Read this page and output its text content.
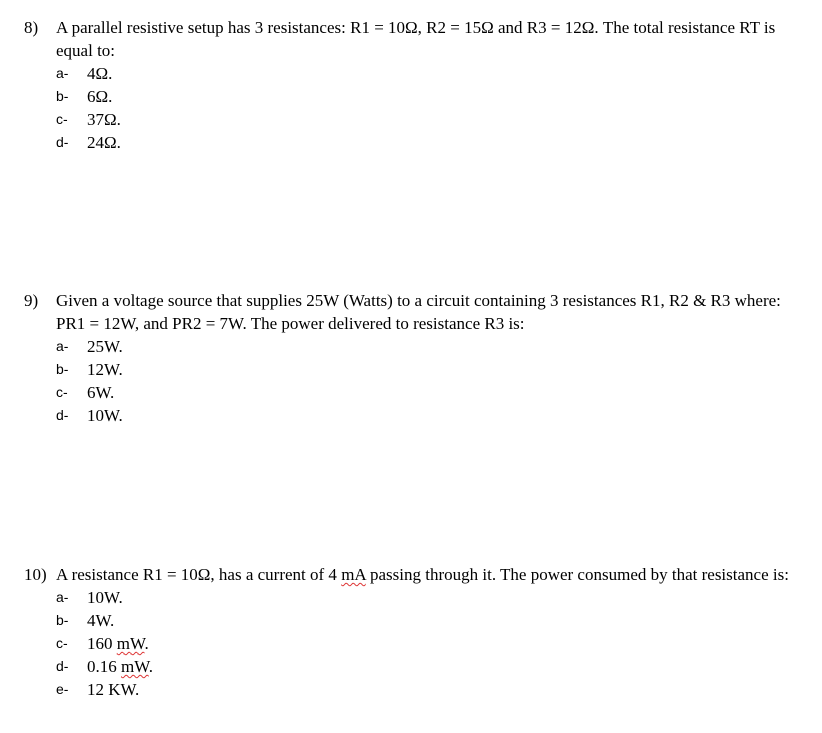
8)	A parallel resistive setup has 3 resistances: R1 = 10Ω, R2 = 15Ω and R3 = 12Ω. The total resistance RT is equal to:
a-	4Ω.
b-	6Ω.
c-	37Ω.
d-	24Ω.
9)	Given a voltage source that supplies 25W (Watts) to a circuit containing 3 resistances R1, R2 & R3 where: PR1 = 12W, and PR2 = 7W. The power delivered to resistance R3 is:
a-	25W.
b-	12W.
c-	6W.
d-	10W.
10) A resistance R1 = 10Ω, has a current of 4 mA passing through it. The power consumed by that resistance is:
a-	10W.
b-	4W.
c-	160 mW.
d-	0.16 mW.
e-	12 KW.
